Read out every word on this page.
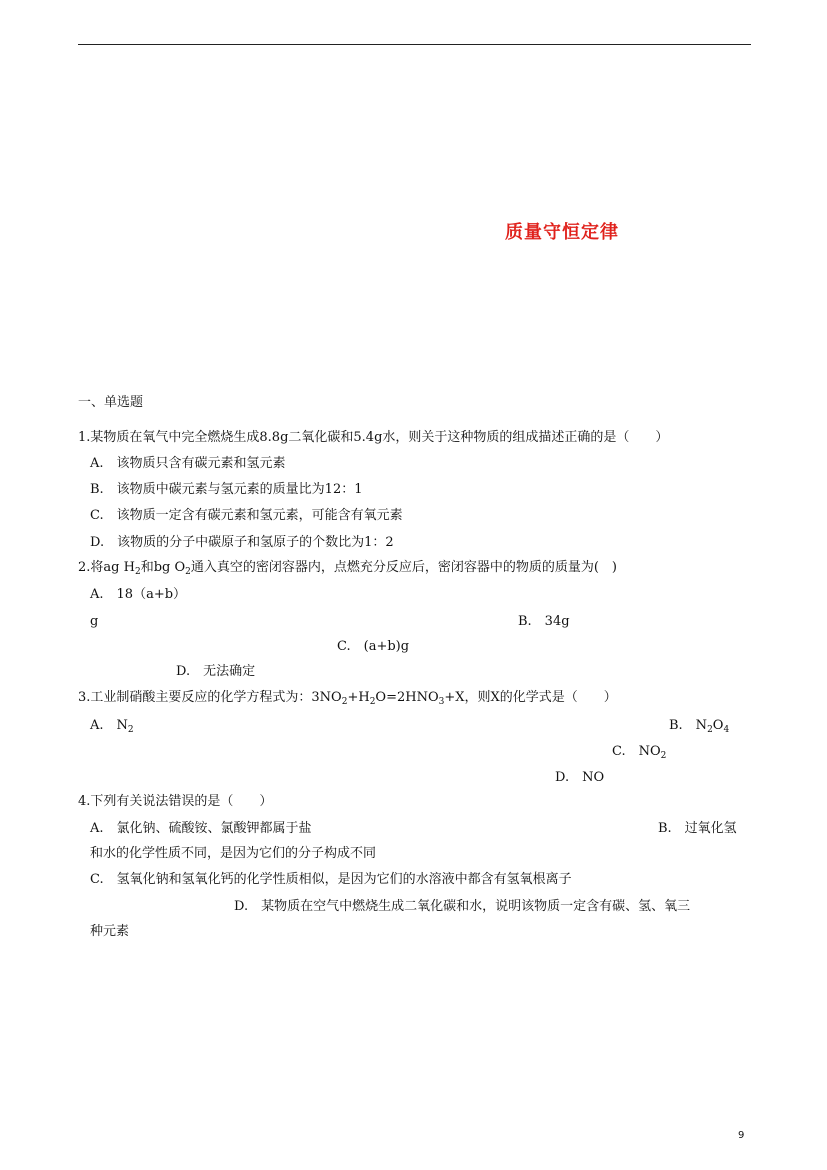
质量守恒定律
一、单选题
1.某物质在氧气中完全燃烧生成8.8g二氧化碳和5.4g水，则关于这种物质的组成描述正确的是（　　）
A.　该物质只含有碳元素和氢元素
B.　该物质中碳元素与氢元素的质量比为12：1
C.　该物质一定含有碳元素和氢元素，可能含有氧元素
D.　该物质的分子中碳原子和氢原子的个数比为1：2
2.将ag $H_2$和bg $O_2$通入真空的密闭容器内，点燃充分反应后，密闭容器中的物质的质量为(　)
A.　18（a+b）
g	B.　34g
C.　(a+b)g
D.　无法确定
3.工业制硝酸主要反应的化学方程式为：$3NO_2+H_2O=2HNO_3+X$，则X的化学式是（　　）
A.　$N_2$	B.　$N_2O_4$
C.　$NO_2$
D.　NO
4.下列有关说法错误的是（　　）
A.　氯化钠、硫酸铵、氯酸钾都属于盐	B.　过氧化氢
和水的化学性质不同，是因为它们的分子构成不同
C.　氢氧化钠和氢氧化钙的化学性质相似，是因为它们的水溶液中都含有氢氧根离子
D.　某物质在空气中燃烧生成二氧化碳和水，说明该物质一定含有碳、氢、氧三
种元素
9
